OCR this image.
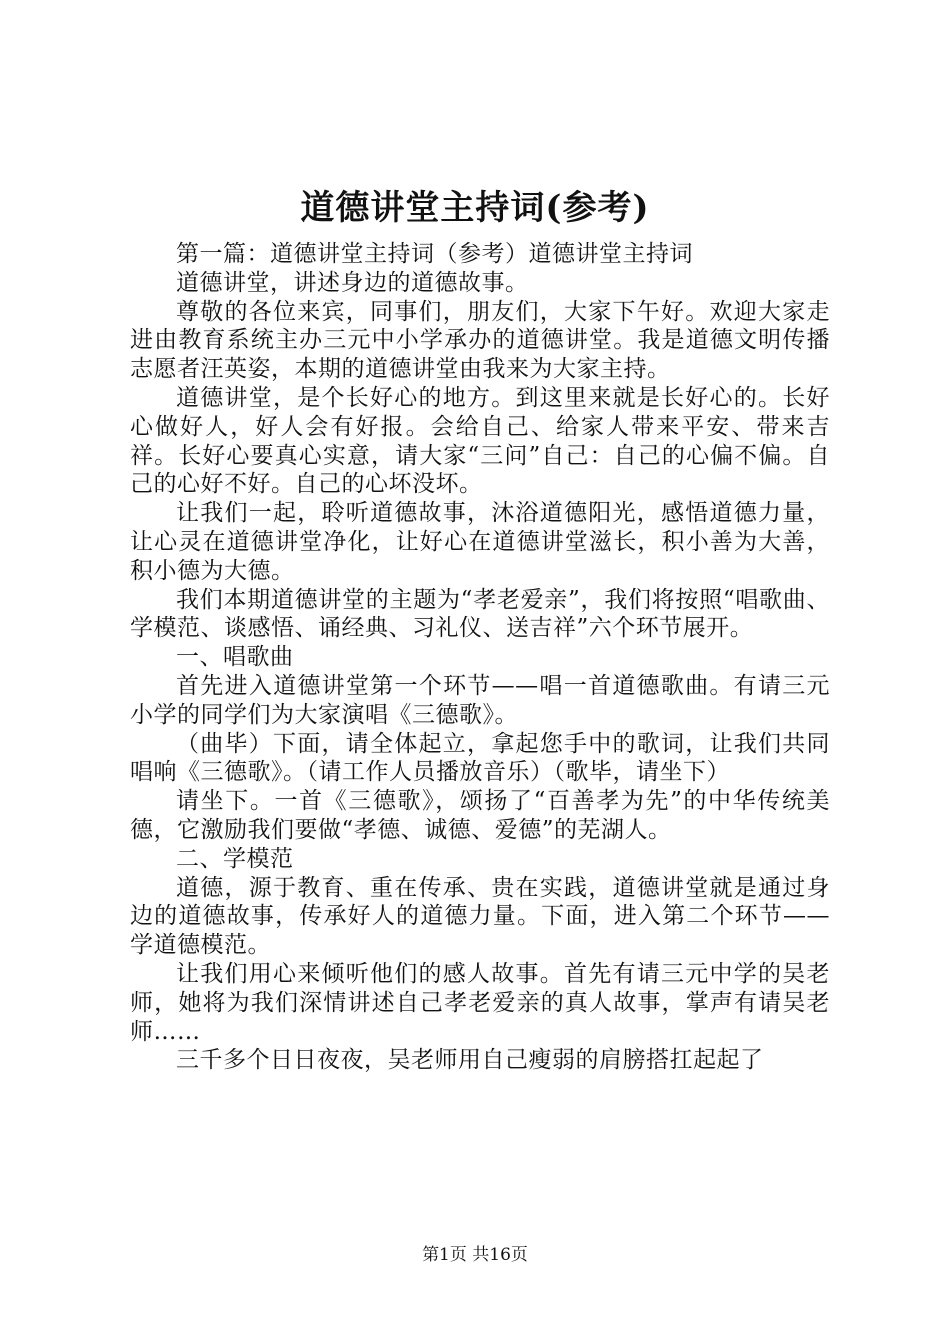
道德讲堂主持词(参考)

第一篇：道德讲堂主持词（参考）道德讲堂主持词

道德讲堂，讲述身边的道德故事。

尊敬的各位来宾，同事们，朋友们，大家下午好。欢迎大家走进由教育系统主办三元中小学承办的道德讲堂。我是道德文明传播志愿者汪英姿，本期的道德讲堂由我来为大家主持。

道德讲堂，是个长好心的地方。到这里来就是长好心的。长好心做好人，好人会有好报。会给自己、给家人带来平安、带来吉祥。长好心要真心实意，请大家“三问”自己：自己的心偏不偏。自己的心好不好。自己的心坏没坏。

让我们一起，聆听道德故事，沐浴道德阳光，感悟道德力量，让心灵在道德讲堂净化，让好心在道德讲堂滋长，积小善为大善，积小德为大德。

我们本期道德讲堂的主题为“孝老爱亲”，我们将按照“唱歌曲、学模范、谈感悟、诵经典、习礼仪、送吉祥”六个环节展开。

一、唱歌曲

首先进入道德讲堂第一个环节——唱一首道德歌曲。有请三元小学的同学们为大家演唱《三德歌》。

（曲毕）下面，请全体起立，拿起您手中的歌词，让我们共同唱响《三德歌》。（请工作人员播放音乐）（歌毕，请坐下）

请坐下。一首《三德歌》，颂扬了“百善孝为先”的中华传统美德，它激励我们要做“孝德、诚德、爱德”的芜湖人。

二、学模范

道德，源于教育、重在传承、贵在实践，道德讲堂就是通过身边的道德故事，传承好人的道德力量。下面，进入第二个环节——学道德模范。

让我们用心来倾听他们的感人故事。首先有请三元中学的吴老师，她将为我们深情讲述自己孝老爱亲的真人故事，掌声有请吴老师……

三千多个日日夜夜，吴老师用自己瘦弱的肩膀搭扛起起了

第1页 共16页
